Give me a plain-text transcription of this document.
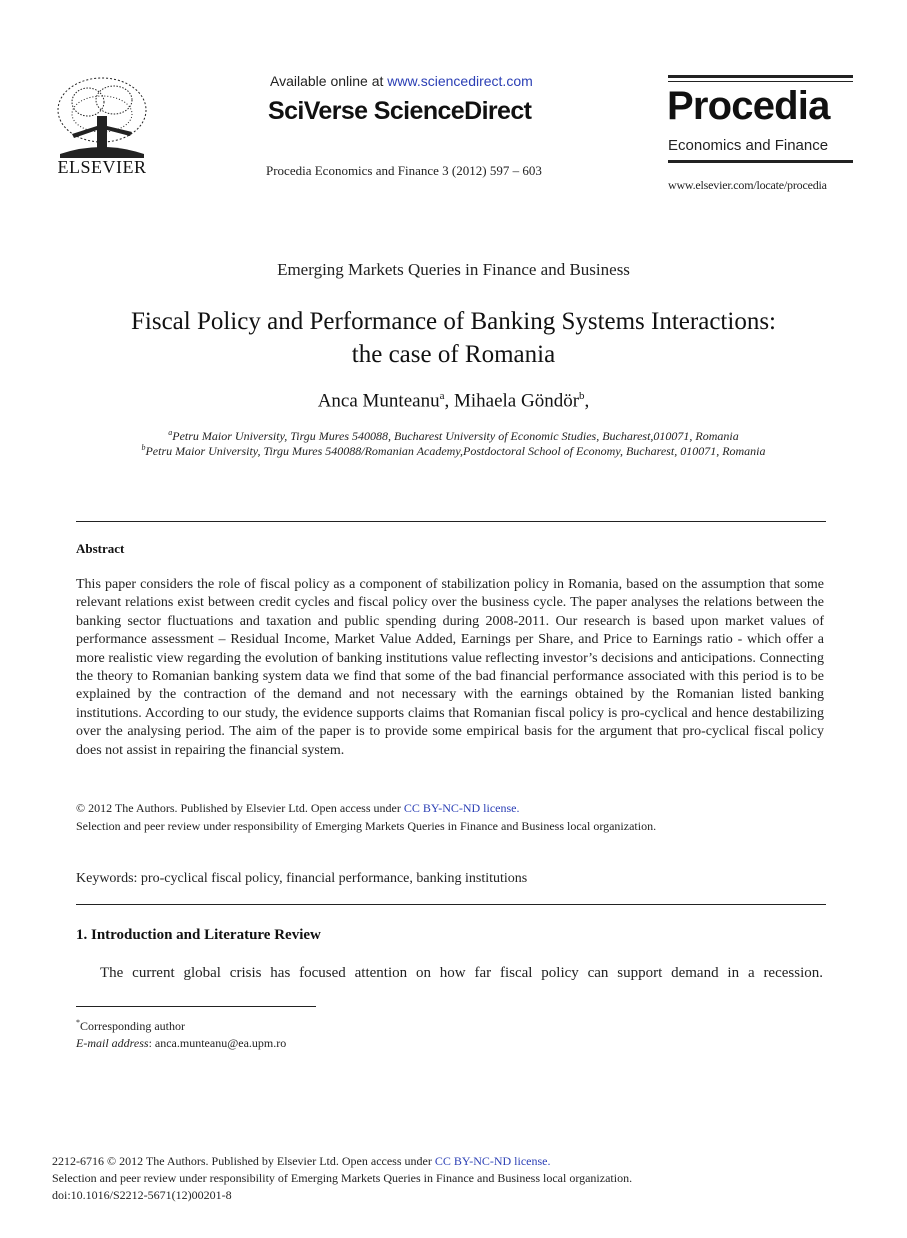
ELSEVIER
Available online at www.sciencedirect.com
SciVerse ScienceDirect
Procedia Economics and Finance 3 (2012) 597 – 603
Procedia
Economics and Finance
www.elsevier.com/locate/procedia
Emerging Markets Queries in Finance and Business
Fiscal Policy and Performance of Banking Systems Interactions:
the case of Romania
Anca Munteanu$^a$, Mihaela Göndör$^b$,
$^a$Petru Maior University, Tirgu Mures 540088, Bucharest University of Economic Studies, Bucharest,010071, Romania
$^b$Petru Maior University, Tirgu Mures 540088/Romanian Academy,Postdoctoral School of Economy, Bucharest, 010071, Romania
Abstract
This paper considers the role of fiscal policy as a component of stabilization policy in Romania, based on the assumption that some relevant relations exist between credit cycles and fiscal policy over the business cycle. The paper analyses the relations between the banking sector fluctuations and taxation and public spending during 2008-2011. Our research is based upon market values of performance assessment – Residual Income, Market Value Added, Earnings per Share, and Price to Earnings ratio - which offer a more realistic view regarding the evolution of banking institutions value reflecting investor’s decisions and anticipations. Connecting the theory to Romanian banking system data we find that some of the bad financial performance associated with this period is to be explained by the contraction of the demand and not necessary with the earnings obtained by the Romanian listed banking institutions. According to our study, the evidence supports claims that Romanian fiscal policy is pro-cyclical and hence destabilizing over the analysing period. The aim of the paper is to provide some empirical basis for the argument that pro-cyclical fiscal policy does not assist in repairing the financial system.
© 2012 The Authors. Published by Elsevier Ltd. Open access under CC BY-NC-ND license.
Selection and peer review under responsibility of Emerging Markets Queries in Finance and Business local organization.
Keywords: pro-cyclical fiscal policy, financial performance, banking institutions
1. Introduction and Literature Review
The current global crisis has focused attention on how far fiscal policy can support demand in a recession.
*Corresponding author
E-mail address: anca.munteanu@ea.upm.ro
2212-6716 © 2012 The Authors. Published by Elsevier Ltd. Open access under CC BY-NC-ND license.
Selection and peer review under responsibility of Emerging Markets Queries in Finance and Business local organization.
doi:10.1016/S2212-5671(12)00201-8
